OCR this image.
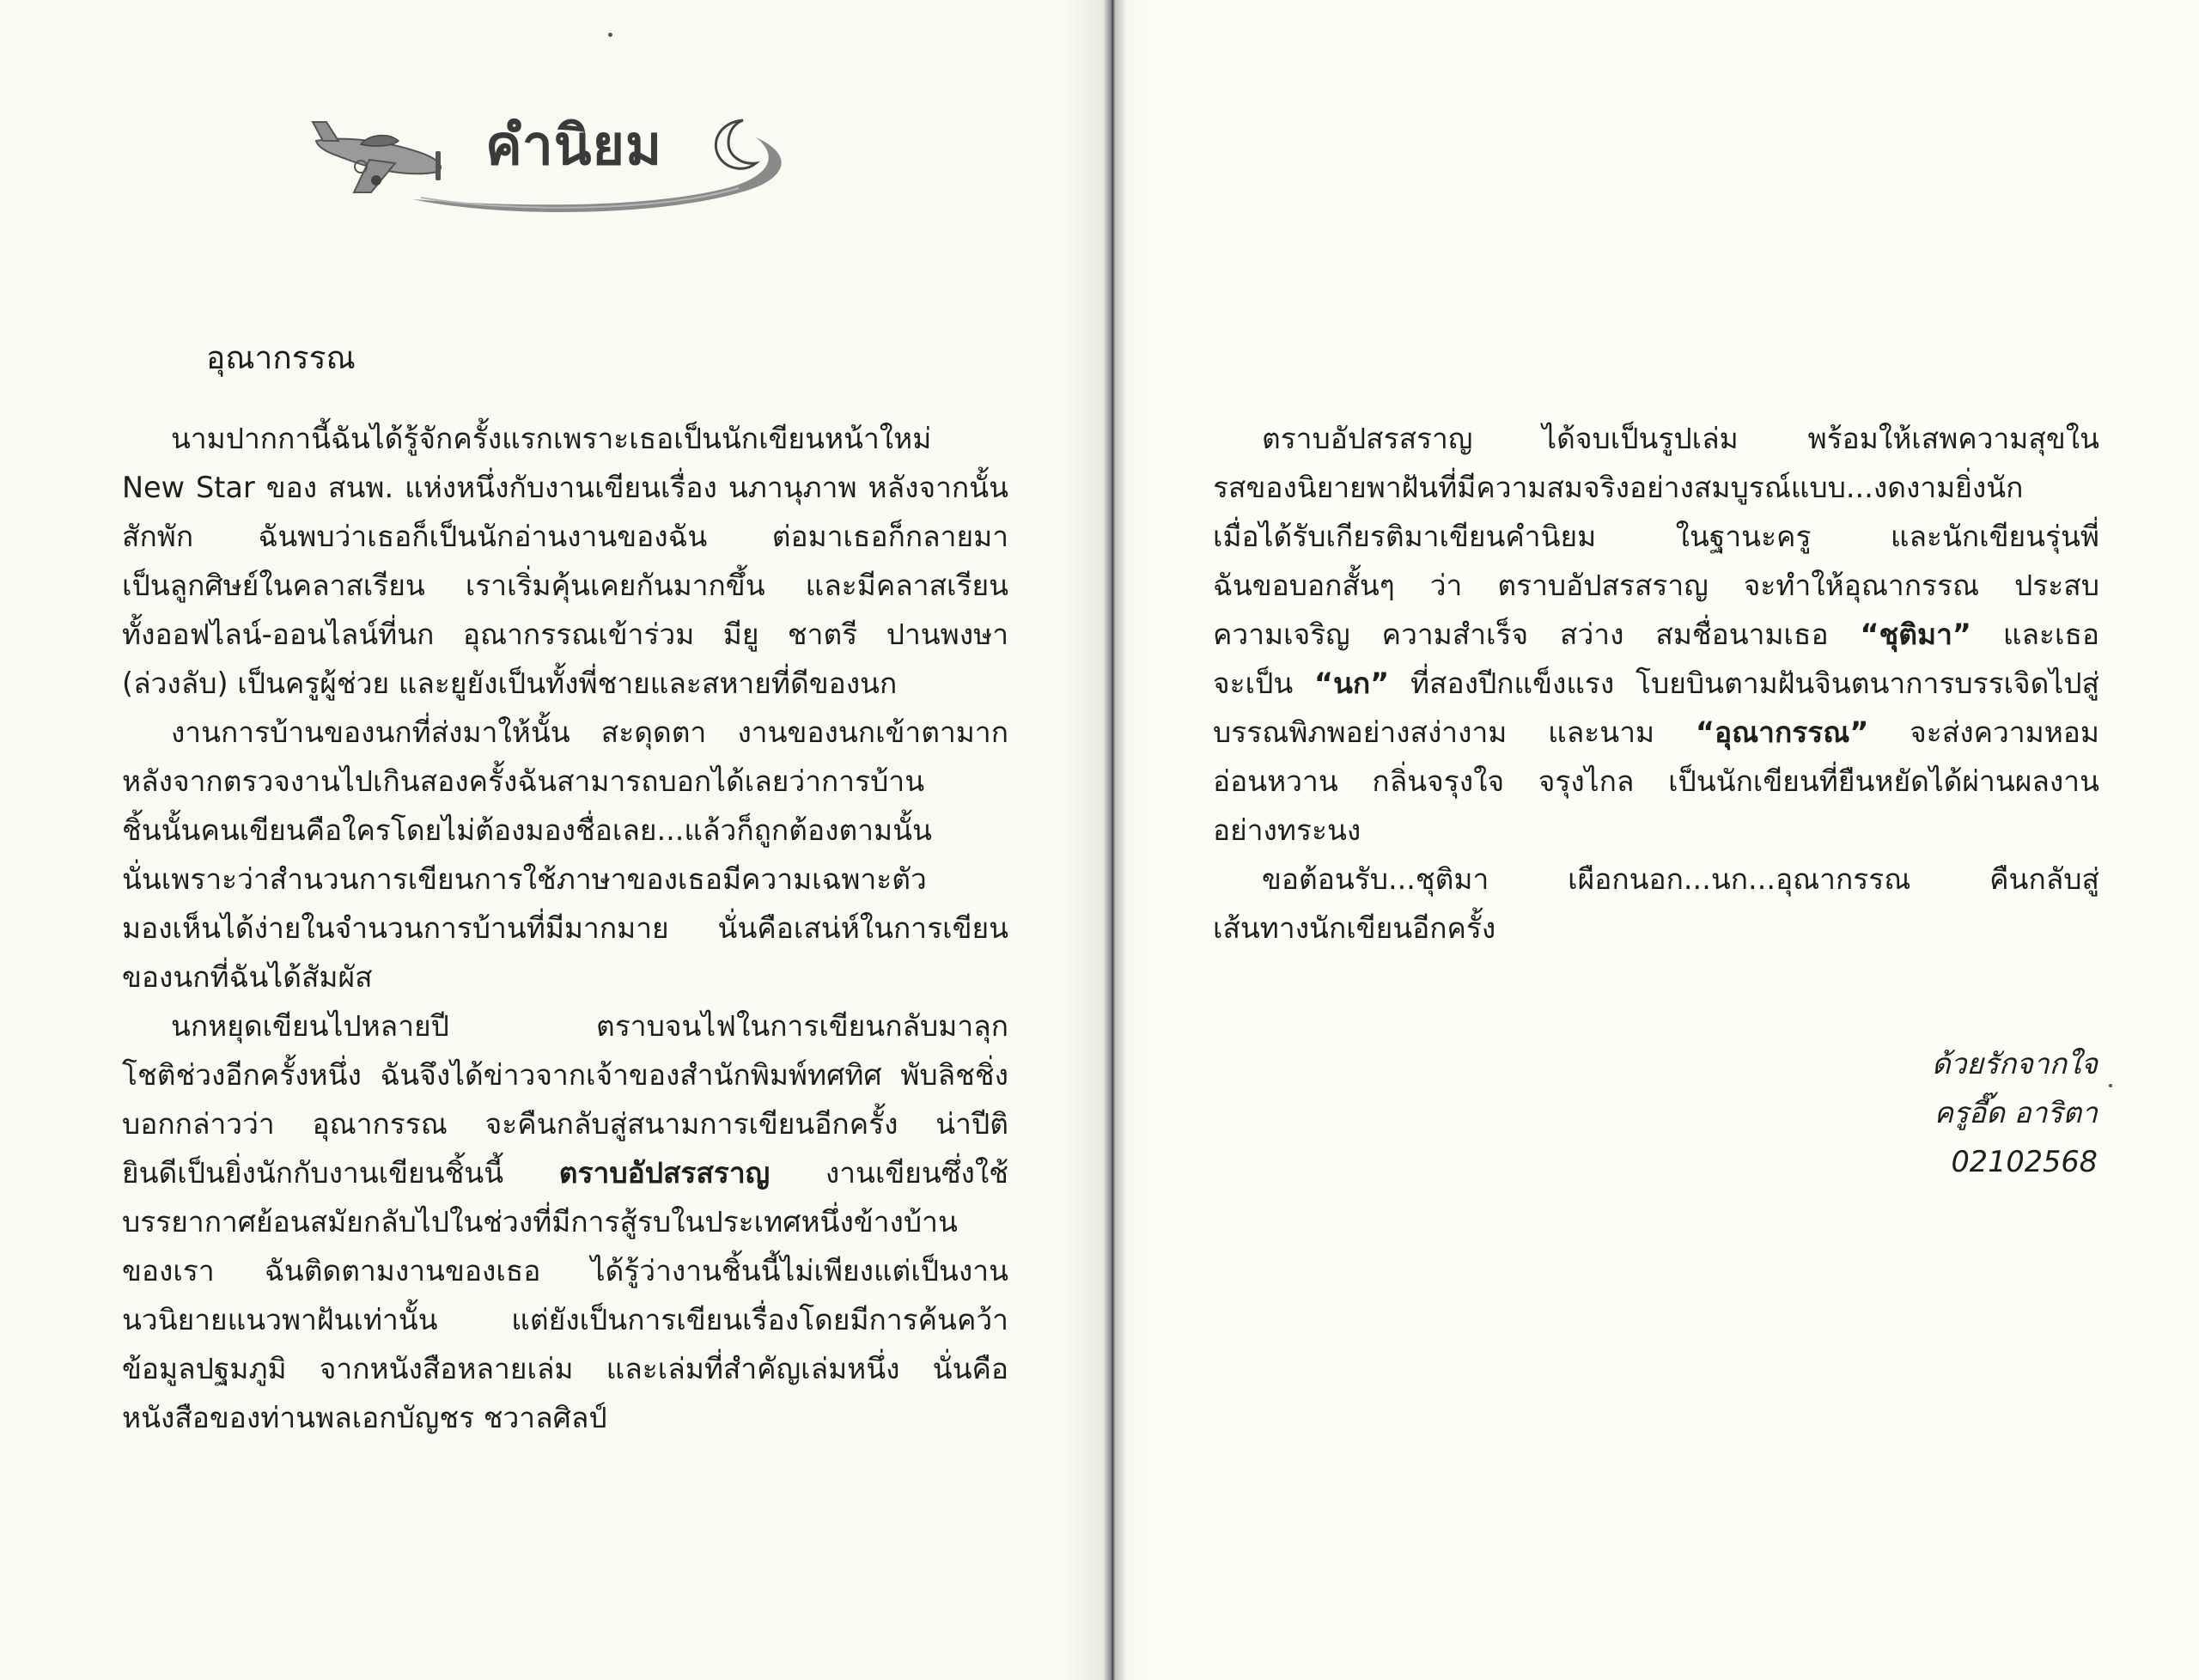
คำนิยม
อุณากรรณ
นามปากกานี้ฉันได้รู้จักครั้งแรกเพราะเธอเป็นนักเขียนหน้าใหม่
New Star ของ สนพ. แห่งหนึ่งกับงานเขียนเรื่อง นภานุภาพ หลังจากนั้น
สักพัก ฉันพบว่าเธอก็เป็นนักอ่านงานของฉัน ต่อมาเธอก็กลายมา
เป็นลูกศิษย์ในคลาสเรียน เราเริ่มคุ้นเคยกันมากขึ้น และมีคลาสเรียน
ทั้งออฟไลน์-ออนไลน์ที่นก อุณากรรณเข้าร่วม มียู ชาตรี ปานพงษา
(ล่วงลับ) เป็นครูผู้ช่วย และยูยังเป็นทั้งพี่ชายและสหายที่ดีของนก
งานการบ้านของนกที่ส่งมาให้นั้น สะดุดตา งานของนกเข้าตามาก
หลังจากตรวจงานไปเกินสองครั้งฉันสามารถบอกได้เลยว่าการบ้าน
ชิ้นนั้นคนเขียนคือใครโดยไม่ต้องมองชื่อเลย...แล้วก็ถูกต้องตามนั้น
นั่นเพราะว่าสำนวนการเขียนการใช้ภาษาของเธอมีความเฉพาะตัว
มองเห็นได้ง่ายในจำนวนการบ้านที่มีมากมาย นั่นคือเสน่ห์ในการเขียน
ของนกที่ฉันได้สัมผัส
นกหยุดเขียนไปหลายปี ตราบจนไฟในการเขียนกลับมาลุก
โชติช่วงอีกครั้งหนึ่ง ฉันจึงได้ข่าวจากเจ้าของสำนักพิมพ์ทศทิศ พับลิชชิ่ง
บอกกล่าวว่า อุณากรรณ จะคืนกลับสู่สนามการเขียนอีกครั้ง น่าปีติ
ยินดีเป็นยิ่งนักกับงานเขียนชิ้นนี้ ตราบอัปสรสราญ งานเขียนซึ่งใช้
บรรยากาศย้อนสมัยกลับไปในช่วงที่มีการสู้รบในประเทศหนึ่งข้างบ้าน
ของเรา ฉันติดตามงานของเธอ ได้รู้ว่างานชิ้นนี้ไม่เพียงแต่เป็นงาน
นวนิยายแนวพาฝันเท่านั้น แต่ยังเป็นการเขียนเรื่องโดยมีการค้นคว้า
ข้อมูลปฐมภูมิ จากหนังสือหลายเล่ม และเล่มที่สำคัญเล่มหนึ่ง นั่นคือ
หนังสือของท่านพลเอกบัญชร ชวาลศิลป์
ตราบอัปสรสราญ ได้จบเป็นรูปเล่ม พร้อมให้เสพความสุขใน
รสของนิยายพาฝันที่มีความสมจริงอย่างสมบูรณ์แบบ...งดงามยิ่งนัก
เมื่อได้รับเกียรติมาเขียนคำนิยม ในฐานะครู และนักเขียนรุ่นพี่
ฉันขอบอกสั้นๆ ว่า ตราบอัปสรสราญ จะทำให้อุณากรรณ ประสบ
ความเจริญ ความสำเร็จ สว่าง สมชื่อนามเธอ “ชุติมา” และเธอ
จะเป็น “นก” ที่สองปีกแข็งแรง โบยบินตามฝันจินตนาการบรรเจิดไปสู่
บรรณพิภพอย่างสง่างาม และนาม “อุณากรรณ” จะส่งความหอม
อ่อนหวาน กลิ่นจรุงใจ จรุงไกล เป็นนักเขียนที่ยืนหยัดได้ผ่านผลงาน
อย่างทระนง
ขอต้อนรับ...ชุติมา เผือกนอก...นก...อุณากรรณ คืนกลับสู่
เส้นทางนักเขียนอีกครั้ง
ด้วยรักจากใจ
ครูอี๊ด อาริตา
02102568
